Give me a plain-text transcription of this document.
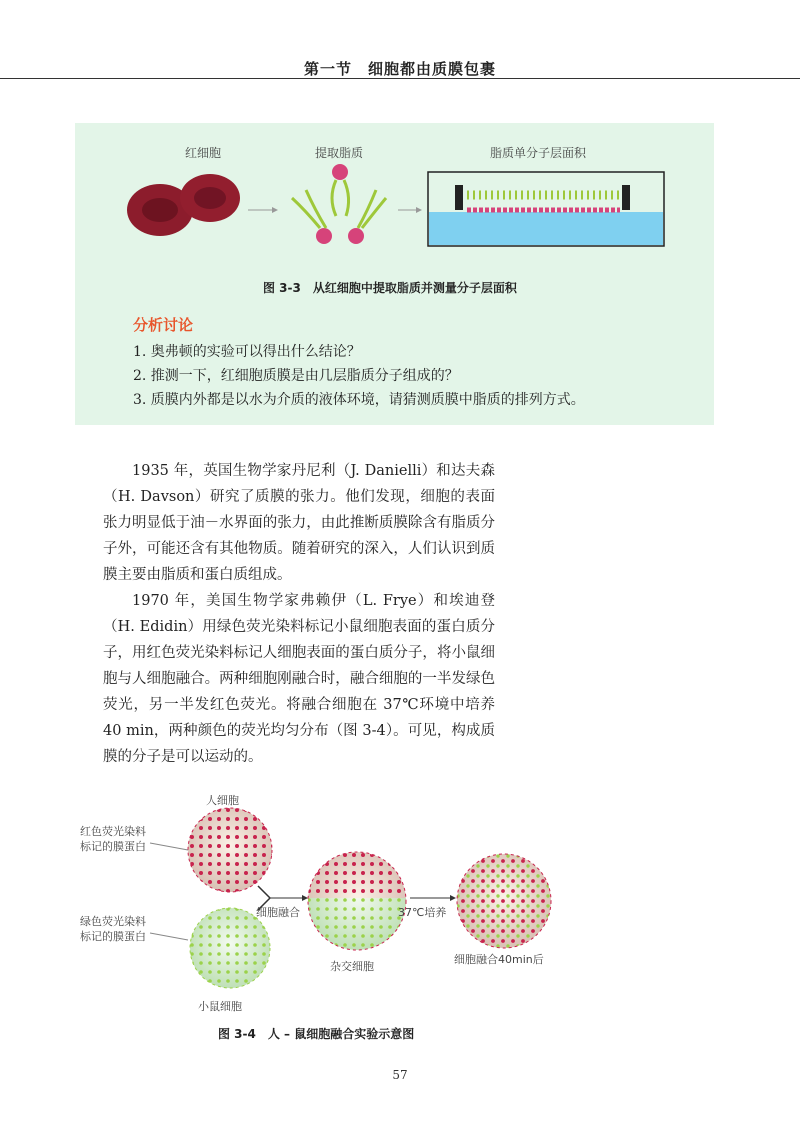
第一节　细胞都由质膜包裹
红细胞	提取脂质	脂质单分子层面积
图 3-3　从红细胞中提取脂质并测量分子层面积
分析讨论
1. 奥弗顿的实验可以得出什么结论？
2. 推测一下，红细胞质膜是由几层脂质分子组成的？
3. 质膜内外都是以水为介质的液体环境，请猜测质膜中脂质的排列方式。

1935 年，英国生物学家丹尼利（J. Danielli）和达夫森（H. Davson）研究了质膜的张力。他们发现，细胞的表面张力明显低于油－水界面的张力，由此推断质膜除含有脂质分子外，可能还含有其他物质。随着研究的深入，人们认识到质膜主要由脂质和蛋白质组成。

1970 年，美国生物学家弗赖伊（L. Frye）和埃迪登（H. Edidin）用绿色荧光染料标记小鼠细胞表面的蛋白质分子，用红色荧光染料标记人细胞表面的蛋白质分子，将小鼠细胞与人细胞融合。两种细胞刚融合时，融合细胞的一半发绿色荧光，另一半发红色荧光。将融合细胞在 37℃环境中培养 40 min，两种颜色的荧光均匀分布（图 3-4）。可见，构成质膜的分子是可以运动的。

人细胞
红色荧光染料
标记的膜蛋白
绿色荧光染料
标记的膜蛋白
小鼠细胞
细胞融合
杂交细胞
37℃培养
细胞融合40min后
图 3-4　人 – 鼠细胞融合实验示意图
57
